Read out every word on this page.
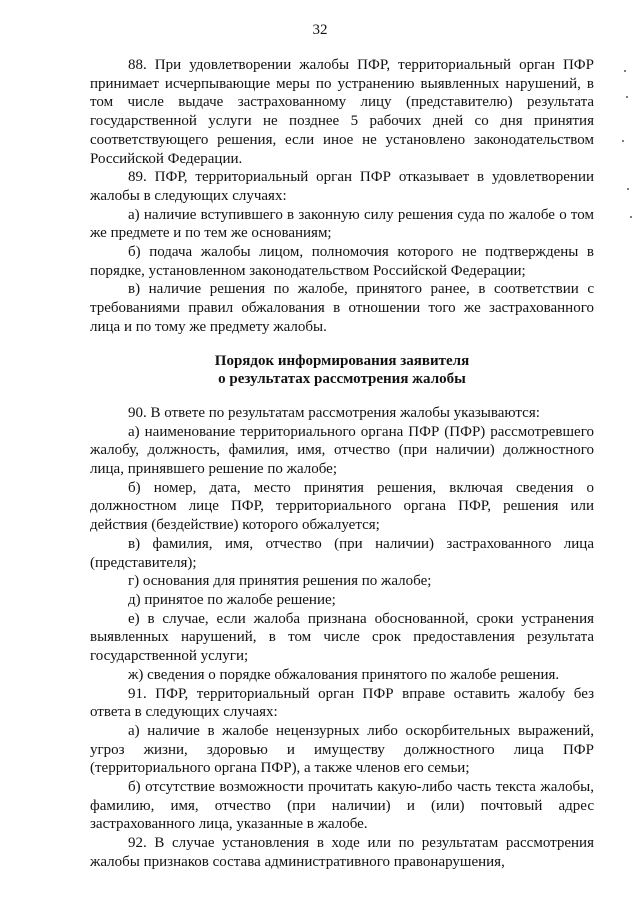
32

88. При удовлетворении жалобы ПФР, территориальный орган ПФР принимает исчерпывающие меры по устранению выявленных нарушений, в том числе выдаче застрахованному лицу (представителю) результата государственной услуги не позднее 5 рабочих дней со дня принятия соответствующего решения, если иное не установлено законодательством Российской Федерации.

89. ПФР, территориальный орган ПФР отказывает в удовлетворении жалобы в следующих случаях:

а) наличие вступившего в законную силу решения суда по жалобе о том же предмете и по тем же основаниям;

б) подача жалобы лицом, полномочия которого не подтверждены в порядке, установленном законодательством Российской Федерации;

в) наличие решения по жалобе, принятого ранее, в соответствии с требованиями правил обжалования в отношении того же застрахованного лица и по тому же предмету жалобы.

Порядок информирования заявителя
о результатах рассмотрения жалобы

90. В ответе по результатам рассмотрения жалобы указываются:

а) наименование территориального органа ПФР (ПФР) рассмотревшего жалобу, должность, фамилия, имя, отчество (при наличии) должностного лица, принявшего решение по жалобе;

б) номер, дата, место принятия решения, включая сведения о должностном лице ПФР, территориального органа ПФР, решения или действия (бездействие) которого обжалуется;

в) фамилия, имя, отчество (при наличии) застрахованного лица (представителя);

г) основания для принятия решения по жалобе;

д) принятое по жалобе решение;

е) в случае, если жалоба признана обоснованной, сроки устранения выявленных нарушений, в том числе срок предоставления результата государственной услуги;

ж) сведения о порядке обжалования принятого по жалобе решения.

91. ПФР, территориальный орган ПФР вправе оставить жалобу без ответа в следующих случаях:

а) наличие в жалобе нецензурных либо оскорбительных выражений, угроз жизни, здоровью и имуществу должностного лица ПФР (территориального органа ПФР), а также членов его семьи;

б) отсутствие возможности прочитать какую-либо часть текста жалобы, фамилию, имя, отчество (при наличии) и (или) почтовый адрес застрахованного лица, указанные в жалобе.

92. В случае установления в ходе или по результатам рассмотрения жалобы признаков состава административного правонарушения,
